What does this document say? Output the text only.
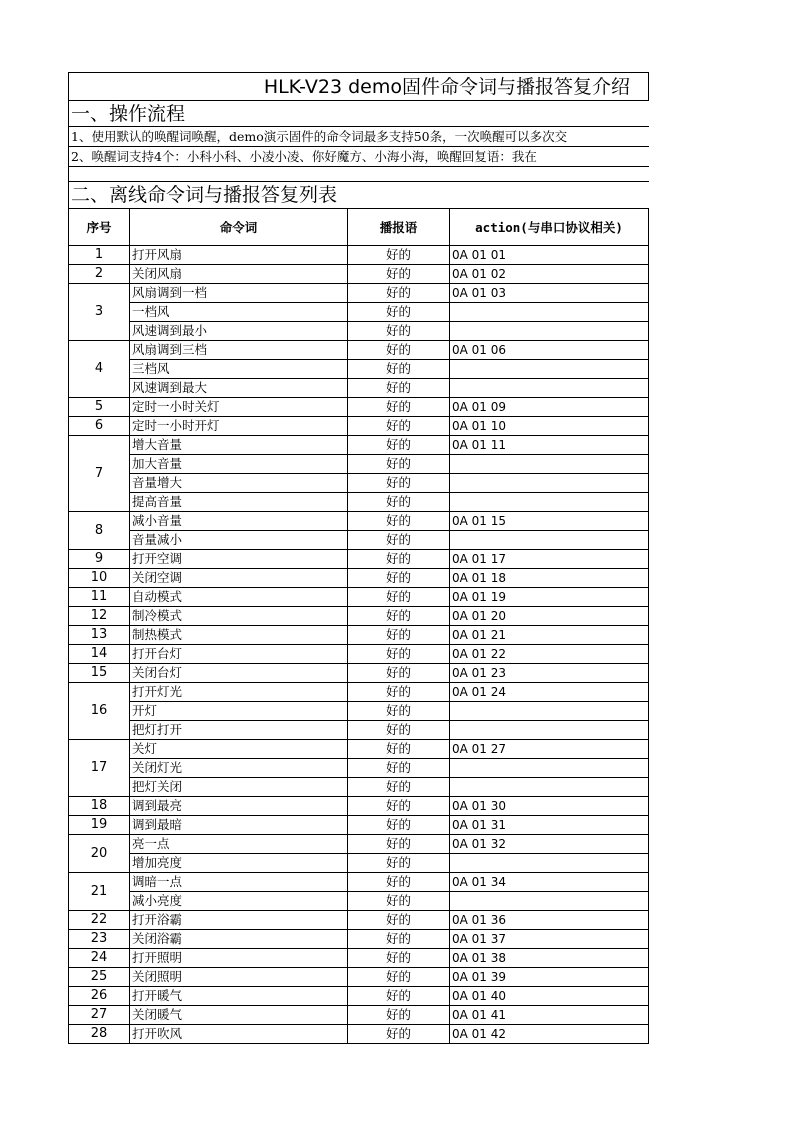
HLK-V23 demo固件命令词与播报答复介绍
一、操作流程
1、使用默认的唤醒词唤醒，demo演示固件的命令词最多支持50条，一次唤醒可以多次交
2、唤醒词支持4个：小科小科、小凌小凌、你好魔方、小海小海，唤醒回复语：我在
二、离线命令词与播报答复列表
序号	命令词	播报语	action(与串口协议相关)
1	打开风扇	好的	0A 01 01
2	关闭风扇	好的	0A 01 02
3	风扇调到一档	好的	0A 01 03
	一档风	好的	
	风速调到最小	好的	
4	风扇调到三档	好的	0A 01 06
	三档风	好的	
	风速调到最大	好的	
5	定时一小时关灯	好的	0A 01 09
6	定时一小时开灯	好的	0A 01 10
7	增大音量	好的	0A 01 11
	加大音量	好的	
	音量增大	好的	
	提高音量	好的	
8	减小音量	好的	0A 01 15
	音量减小	好的	
9	打开空调	好的	0A 01 17
10	关闭空调	好的	0A 01 18
11	自动模式	好的	0A 01 19
12	制冷模式	好的	0A 01 20
13	制热模式	好的	0A 01 21
14	打开台灯	好的	0A 01 22
15	关闭台灯	好的	0A 01 23
16	打开灯光	好的	0A 01 24
	开灯	好的	
	把灯打开	好的	
17	关灯	好的	0A 01 27
	关闭灯光	好的	
	把灯关闭	好的	
18	调到最亮	好的	0A 01 30
19	调到最暗	好的	0A 01 31
20	亮一点	好的	0A 01 32
	增加亮度	好的	
21	调暗一点	好的	0A 01 34
	减小亮度	好的	
22	打开浴霸	好的	0A 01 36
23	关闭浴霸	好的	0A 01 37
24	打开照明	好的	0A 01 38
25	关闭照明	好的	0A 01 39
26	打开暖气	好的	0A 01 40
27	关闭暖气	好的	0A 01 41
28	打开吹风	好的	0A 01 42
